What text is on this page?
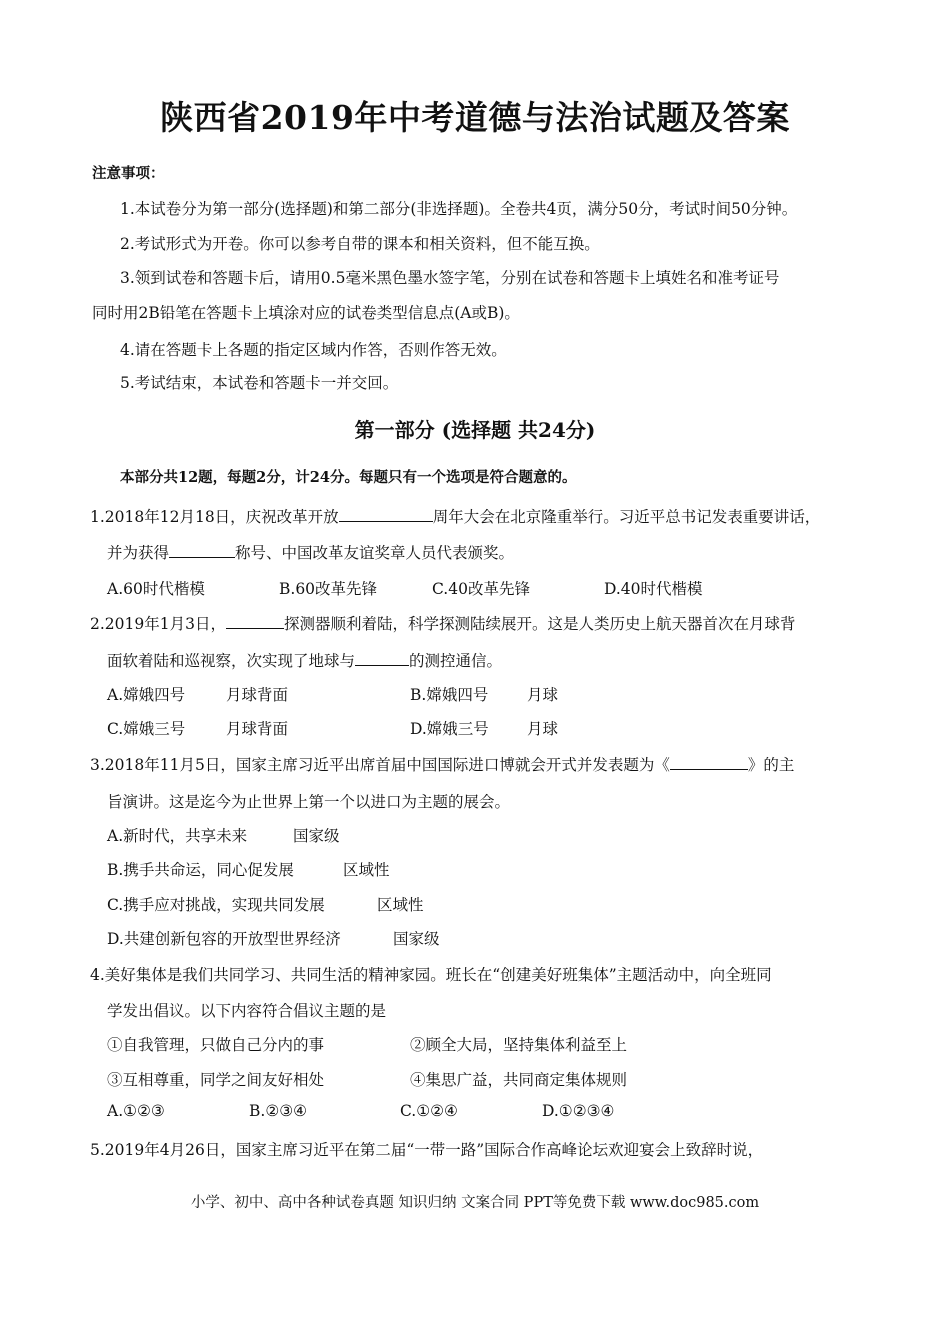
陕西省2019年中考道德与法治试题及答案
注意事项：
1.本试卷分为第一部分(选择题)和第二部分(非选择题)。全卷共4页，满分50分，考试时间50分钟。
2.考试形式为开卷。你可以参考自带的课本和相关资料，但不能互换。
3.领到试卷和答题卡后，请用0.5毫米黑色墨水签字笔，分别在试卷和答题卡上填姓名和准考证号
同时用2B铅笔在答题卡上填涂对应的试卷类型信息点(A或B)。
4.请在答题卡上各题的指定区域内作答，否则作答无效。
5.考试结束，本试卷和答题卡一并交回。
第一部分 (选择题 共24分)
本部分共12题，每题2分，计24分。每题只有一个选项是符合题意的。
1.2018年12月18日，庆祝改革开放	周年大会在北京隆重举行。习近平总书记发表重要讲话，
并为获得	称号、中国改革友谊奖章人员代表颁奖。
A.60时代楷模	B.60改革先锋	C.40改革先锋	D.40时代楷模
2.2019年1月3日，	探测器顺利着陆，科学探测陆续展开。这是人类历史上航天器首次在月球背
面软着陆和巡视察，次实现了地球与	的测控通信。
A.嫦娥四号	月球背面	B.嫦娥四号 月球
C.嫦娥三号	月球背面	D.嫦娥三号 月球
3.2018年11月5日，国家主席习近平出席首届中国国际进口博就会开式并发表题为《	》的主
旨演讲。这是迄今为止世界上第一个以进口为主题的展会。
A.新时代，共享未来	国家级
B.携手共命运，同心促发展	区域性
C.携手应对挑战，实现共同发展	区域性
D.共建创新包容的开放型世界经济	国家级
4.美好集体是我们共同学习、共同生活的精神家园。班长在“创建美好班集体”主题活动中，向全班同
学发出倡议。以下内容符合倡议主题的是
①自我管理，只做自己分内的事	②顾全大局，坚持集体利益至上
③互相尊重，同学之间友好相处	④集思广益，共同商定集体规则
A.①②③	B.②③④	C.①②④	D.①②③④
5.2019年4月26日，国家主席习近平在第二届“一带一路”国际合作高峰论坛欢迎宴会上致辞时说，
小学、初中、高中各种试卷真题 知识归纳 文案合同 PPT等免费下载 www.doc985.com
